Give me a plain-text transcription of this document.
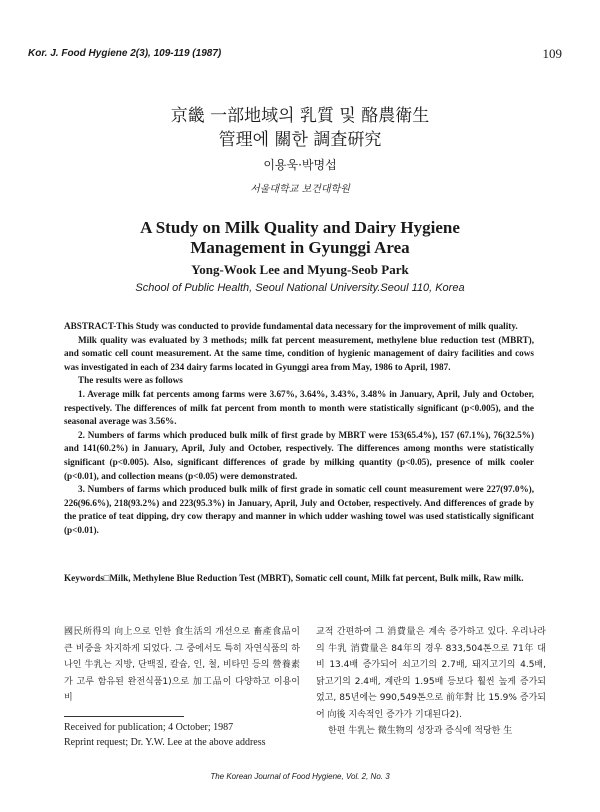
Kor. J. Food Hygiene 2(3), 109-119 (1987)	109
京畿 一部地域의 乳質 및 酪農衛生
管理에 關한 調査硏究
이용욱·박명섭
서울대학교 보건대학원
A Study on Milk Quality and Dairy Hygiene
Management in Gyunggi Area
Yong-Wook Lee and Myung-Seob Park
School of Public Health, Seoul National University.Seoul 110, Korea

ABSTRACT-This Study was conducted to provide fundamental data necessary for the improvement of milk quality.

Milk quality was evaluated by 3 methods; milk fat percent measurement, methylene blue reduction test (MBRT), and somatic cell count measurement. At the same time, condition of hygienic management of dairy facilities and cows was investigated in each of 234 dairy farms located in Gyunggi area from May, 1986 to April, 1987.

The results were as follows

1. Average milk fat percents among farms were 3.67%, 3.64%, 3.43%, 3.48% in January, April, July and October, respectively. The differences of milk fat percent from month to month were statistically significant (p<0.005), and the seasonal average was 3.56%.

2. Numbers of farms which produced bulk milk of first grade by MBRT were 153(65.4%), 157 (67.1%), 76(32.5%) and 141(60.2%) in January, April, July and October, respectively. The differences among months were statistically significant (p<0.005). Also, significant differences of grade by milking quantity (p<0.05), presence of milk cooler (p<0.01), and collection means (p<0.05) were demonstrated.

3. Numbers of farms which produced bulk milk of first grade in somatic cell count measurement were 227(97.0%), 226(96.6%), 218(93.2%) and 223(95.3%) in January, April, July and October, respectively. And differences of grade by the pratice of teat dipping, dry cow therapy and manner in which udder washing towel was used statistically significant (p<0.01).

Keywords□Milk, Methylene Blue Reduction Test (MBRT), Somatic cell count, Milk fat percent, Bulk milk, Raw milk.

國民所得의 向上으로 인한 食生活의 개선으로 畜產食品이 큰 비중을 차지하게 되었다. 그 중에서도 특히 자연식품의 하나인 牛乳는 지방, 단백질, 칼슘, 인, 철, 비타민 등의 營養素가 고루 함유된 완전식품1)으로 加工品이 다양하고 이용이 비

교적 간편하여 그 消費量은 계속 증가하고 있다. 우리나라의 牛乳 消費量은 84年의 경우 833,504톤으로 71年 대비 13.4배 증가되어 쇠고기의 2.7배, 돼지고기의 4.5배, 닭고기의 2.4배, 계란의 1.95배 등보다 훨씬 높게 증가되었고, 85년에는 990,549톤으로 前年對 比 15.9% 증가되어 向後 지속적인 증가가 기대된다2).

한편 牛乳는 微生物의 성장과 증식에 적당한 生

Received for publication; 4 October; 1987
Reprint request; Dr. Y.W. Lee at the above address
The Korean Journal of Food Hygiene, Vol. 2, No. 3
